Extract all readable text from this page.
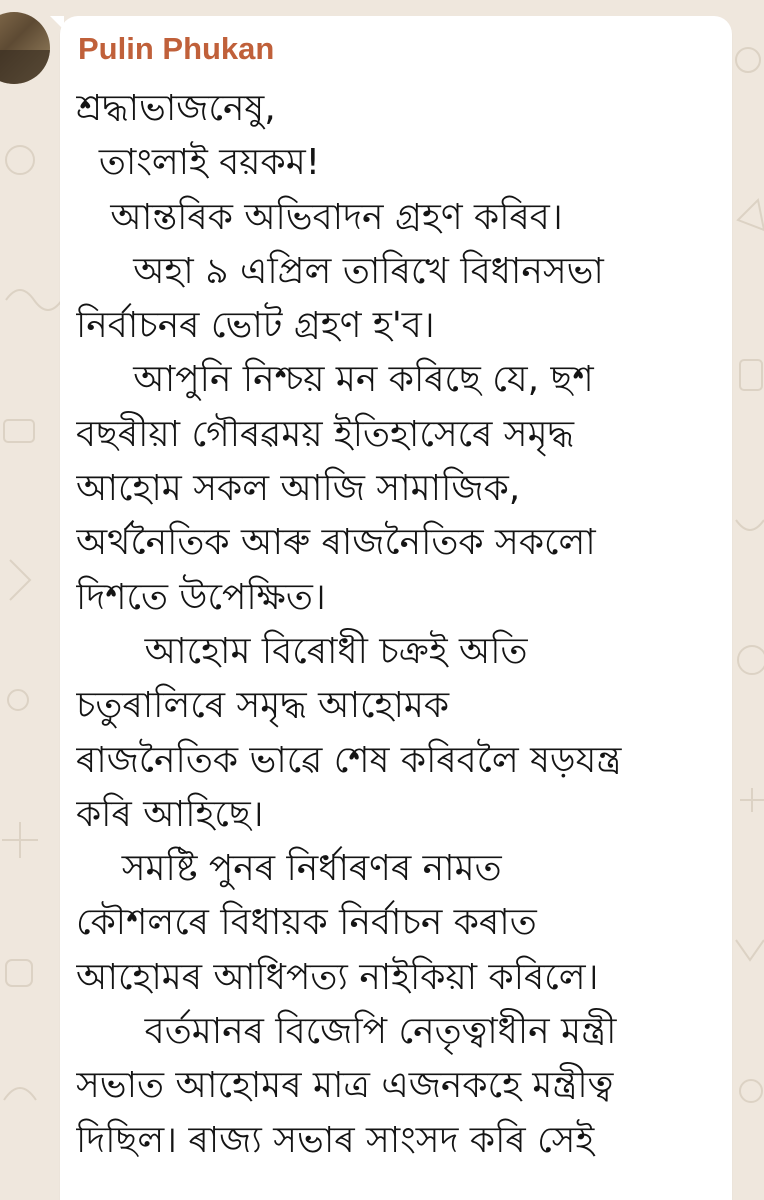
Pulin Phukan
শ্ৰদ্ধাভাজনেষু,
তাংলাই বয়কম!
আন্তৰিক অভিবাদন গ্ৰহণ কৰিব।
অহা ৯ এপ্ৰিল তাৰিখে বিধানসভা
নিৰ্বাচনৰ ভোট গ্ৰহণ হ'ব।
আপুনি নিশ্চয় মন কৰিছে যে, ছশ
বছৰীয়া গৌৰৱময় ইতিহাসেৰে সমৃদ্ধ
আহোম সকল আজি সামাজিক,
অৰ্থনৈতিক আৰু ৰাজনৈতিক সকলো
দিশতে উপেক্ষিত।
আহোম বিৰোধী চক্ৰই অতি
চতুৰালিৰে সমৃদ্ধ আহোমক
ৰাজনৈতিক ভাৱে শেষ কৰিবলৈ ষড়যন্ত্ৰ
কৰি আহিছে।
সমষ্টি পুনৰ নিৰ্ধাৰণৰ নামত
কৌশলৰে বিধায়ক নিৰ্বাচন কৰাত
আহোমৰ আধিপত্য নাইকিয়া কৰিলে।
বৰ্তমানৰ বিজেপি নেতৃত্বাধীন মন্ত্ৰী
সভাত আহোমৰ মাত্ৰ এজনকহে মন্ত্ৰীত্ব
দিছিল। ৰাজ্য সভাৰ সাংসদ কৰি সেই
